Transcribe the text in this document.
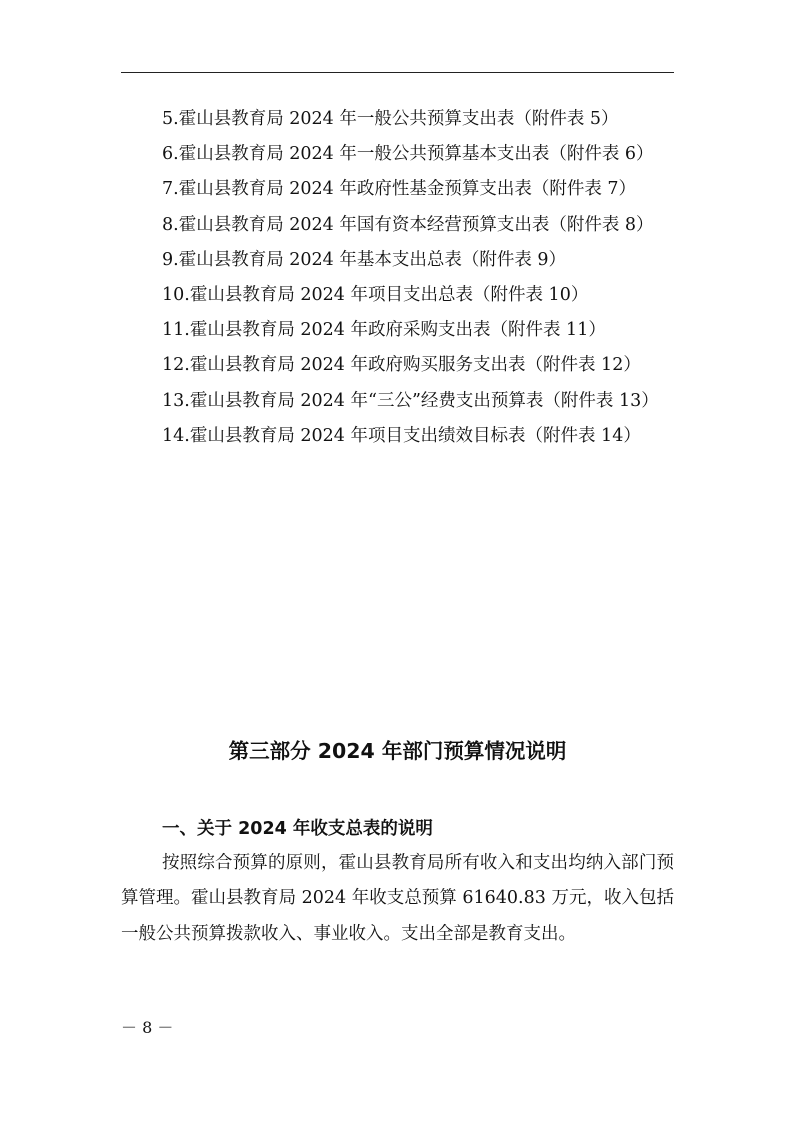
5.霍山县教育局 2024 年一般公共预算支出表（附件表 5）

6.霍山县教育局 2024 年一般公共预算基本支出表（附件表 6）

7.霍山县教育局 2024 年政府性基金预算支出表（附件表 7）

8.霍山县教育局 2024 年国有资本经营预算支出表（附件表 8）

9.霍山县教育局 2024 年基本支出总表（附件表 9）

10.霍山县教育局 2024 年项目支出总表（附件表 10）

11.霍山县教育局 2024 年政府采购支出表（附件表 11）

12.霍山县教育局 2024 年政府购买服务支出表（附件表 12）

13.霍山县教育局 2024 年“三公”经费支出预算表（附件表 13）

14.霍山县教育局 2024 年项目支出绩效目标表（附件表 14）

第三部分 2024 年部门预算情况说明
一、关于 2024 年收支总表的说明

按照综合预算的原则，霍山县教育局所有收入和支出均纳入部门预算管理。霍山县教育局 2024 年收支总预算 61640.83 万元，收入包括一般公共预算拨款收入、事业收入。支出全部是教育支出。

－ 8 －
